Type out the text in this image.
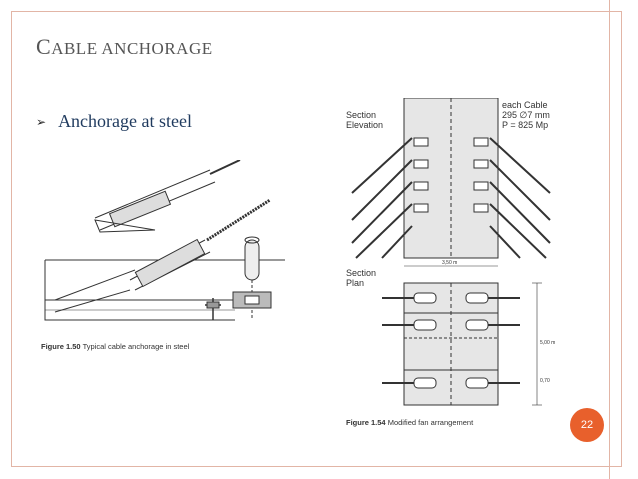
CABLE ANCHORAGE
➢ Anchorage at steel
Figure 1.50 Typical cable anchorage in steel
Section
Elevation
each Cable
295 ∅7 mm
P = 825 Mp
3,50 m
Section
Plan
5,00 m
0,70
Figure 1.54 Modified fan arrangement	22
